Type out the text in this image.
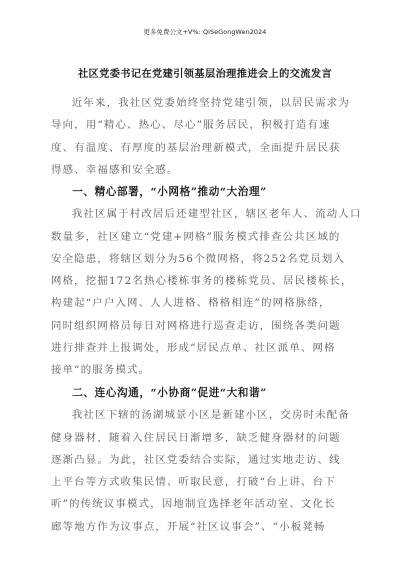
更多免费公文+V%: QiSeGongWen2024
社区党委书记在党建引领基层治理推进会上的交流发言

近年来，我社区党委始终坚持党建引领，以居民需求为
导向，用“精心、热心、尽心”服务居民，积极打造有速
度、有温度、有厚度的基层治理新模式，全面提升居民获
得感、幸福感和安全感。

一、精心部署，“小网格”推动“大治理”

我社区属于村改居后还建型社区，辖区老年人、流动人口
数量多，社区建立“党建+网格”服务模式排查公共区域的
安全隐患，将辖区划分为56个微网格，将252名党员划入
网格，挖掘172名热心楼栋事务的楼栋党员、居民楼栋长，
构建起“户户入网、人人进格、格格相连”的网格脉络，
同时组织网格员每日对网格进行巡查走访，围绕各类问题
进行排查并上报调处，形成“居民点单、社区派单、网格
接单”的服务模式。

二、连心沟通，“小协商”促进“大和谐”

我社区下辖的汤湖城景小区是新建小区，交房时未配备
健身器材，随着入住居民日渐增多，缺乏健身器材的问题
逐渐凸显。为此，社区党委结合实际，通过实地走访、线
上平台等方式收集民情、听取民意，打破“台上讲、台下
听”的传统议事模式，因地制宜选择老年活动室、文化长
廊等地方作为议事点，开展“社区议事会”、“小板凳畅
